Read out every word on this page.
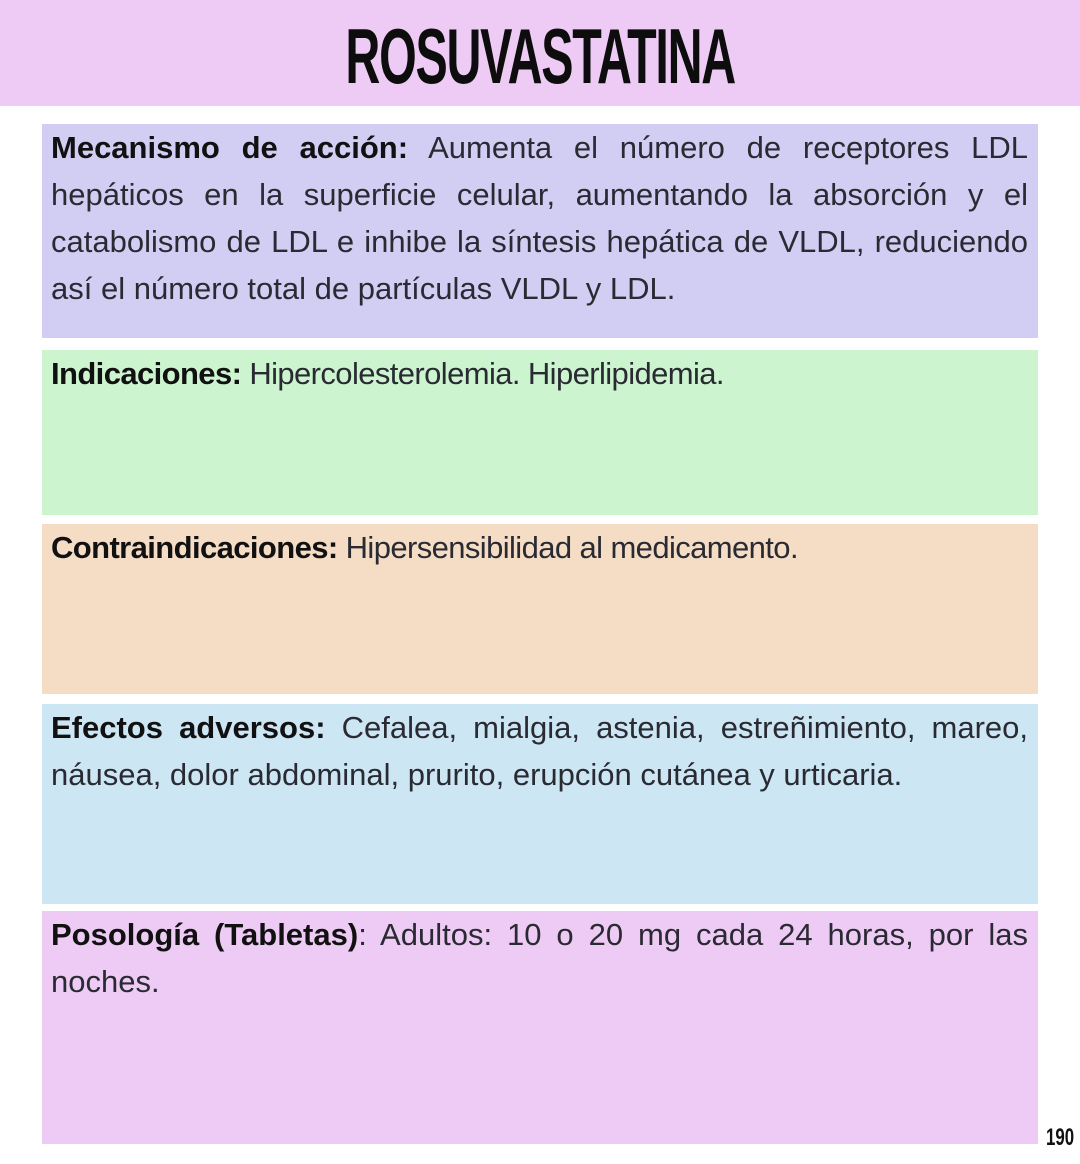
ROSUVASTATINA
Mecanismo de acción: Aumenta el número de receptores LDL hepáticos en la superficie celular, aumentando la absorción y el catabolismo de LDL e inhibe la síntesis hepática de VLDL, reduciendo así el número total de partículas VLDL y LDL.
Indicaciones: Hipercolesterolemia. Hiperlipidemia.
Contraindicaciones: Hipersensibilidad al medicamento.
Efectos adversos: Cefalea, mialgia, astenia, estreñimiento, mareo, náusea, dolor abdominal, prurito, erupción cutánea y urticaria.
Posología (Tabletas): Adultos: 10 o 20 mg cada 24 horas, por las noches.
190
